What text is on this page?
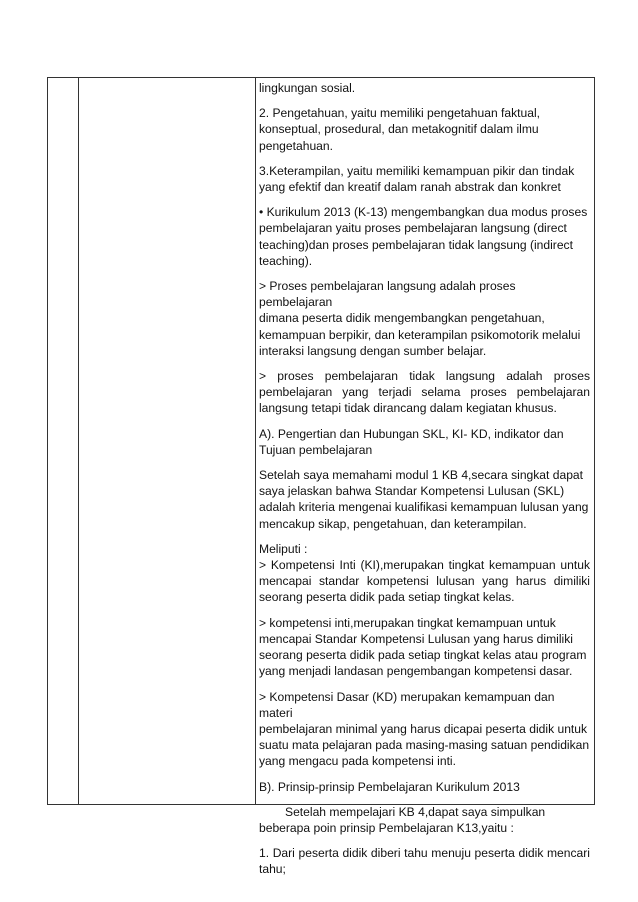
lingkungan sosial.

2. Pengetahuan, yaitu memiliki pengetahuan faktual,
konseptual, prosedural, dan metakognitif dalam ilmu
pengetahuan.

3.Keterampilan, yaitu memiliki kemampuan pikir dan tindak
yang efektif dan kreatif dalam ranah abstrak dan konkret

• Kurikulum 2013 (K-13) mengembangkan dua modus proses
pembelajaran yaitu proses pembelajaran langsung (direct
teaching)dan proses pembelajaran tidak langsung (indirect
teaching).

> Proses pembelajaran langsung adalah proses pembelajaran
dimana peserta didik mengembangkan pengetahuan,
kemampuan berpikir, dan keterampilan psikomotorik melalui
interaksi langsung dengan sumber belajar.

> proses pembelajaran tidak langsung adalah proses pembelajaran yang terjadi selama proses pembelajaran langsung tetapi tidak dirancang dalam kegiatan khusus.

A). Pengertian dan Hubungan SKL, KI- KD, indikator dan
Tujuan pembelajaran

Setelah saya memahami modul 1 KB 4,secara singkat dapat
saya jelaskan bahwa Standar Kompetensi Lulusan (SKL)
adalah kriteria mengenai kualifikasi kemampuan lulusan yang
mencakup sikap, pengetahuan, dan keterampilan.

Meliputi :

> Kompetensi Inti (KI),merupakan tingkat kemampuan untuk mencapai standar kompetensi lulusan yang harus dimiliki seorang peserta didik pada setiap tingkat kelas.

> kompetensi inti,merupakan tingkat kemampuan untuk
mencapai Standar Kompetensi Lulusan yang harus dimiliki
seorang peserta didik pada setiap tingkat kelas atau program
yang menjadi landasan pengembangan kompetensi dasar.

> Kompetensi Dasar (KD) merupakan kemampuan dan materi
pembelajaran minimal yang harus dicapai peserta didik untuk
suatu mata pelajaran pada masing-masing satuan pendidikan
yang mengacu pada kompetensi inti.

B). Prinsip-prinsip Pembelajaran Kurikulum 2013

Setelah mempelajari KB 4,dapat saya simpulkan beberapa poin prinsip Pembelajaran K13,yaitu :

1. Dari peserta didik diberi tahu menuju peserta didik mencari tahu;
